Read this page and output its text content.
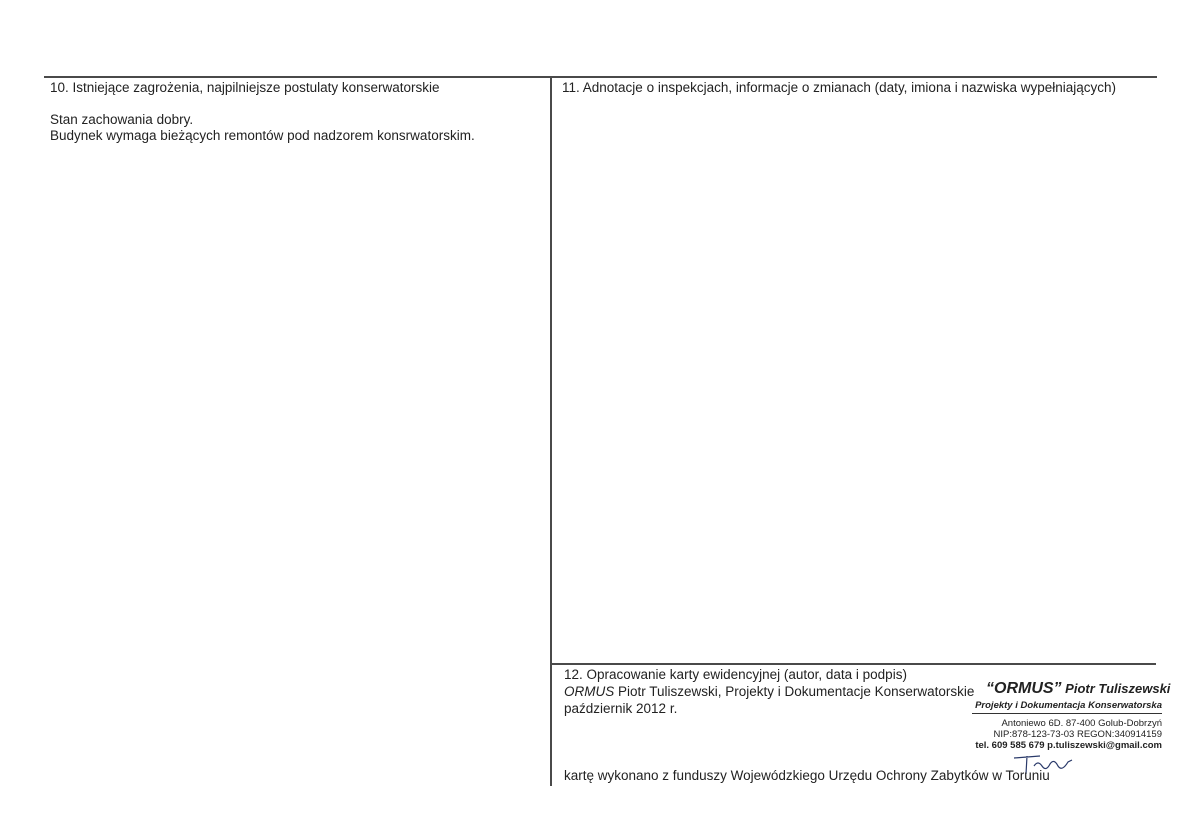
10. Istniejące zagrożenia, najpilniejsze postulaty konserwatorskie
Stan zachowania dobry.
Budynek wymaga bieżących remontów pod nadzorem konsrwatorskim.
11. Adnotacje o inspekcjach, informacje o zmianach (daty, imiona i nazwiska wypełniających)
12. Opracowanie karty ewidencyjnej (autor, data i podpis)
ORMUS Piotr Tuliszewski, Projekty i Dokumentacje Konserwatorskie
październik 2012 r.
“ORMUS” Piotr Tuliszewski
Projekty i Dokumentacja Konserwatorska
Antoniewo 6D. 87-400 Golub-Dobrzyń
NIP:878-123-73-03 REGON:340914159
tel. 609 585 679 p.tuliszewski@gmail.com
kartę wykonano z funduszy Wojewódzkiego Urzędu Ochrony Zabytków w Toruniu
